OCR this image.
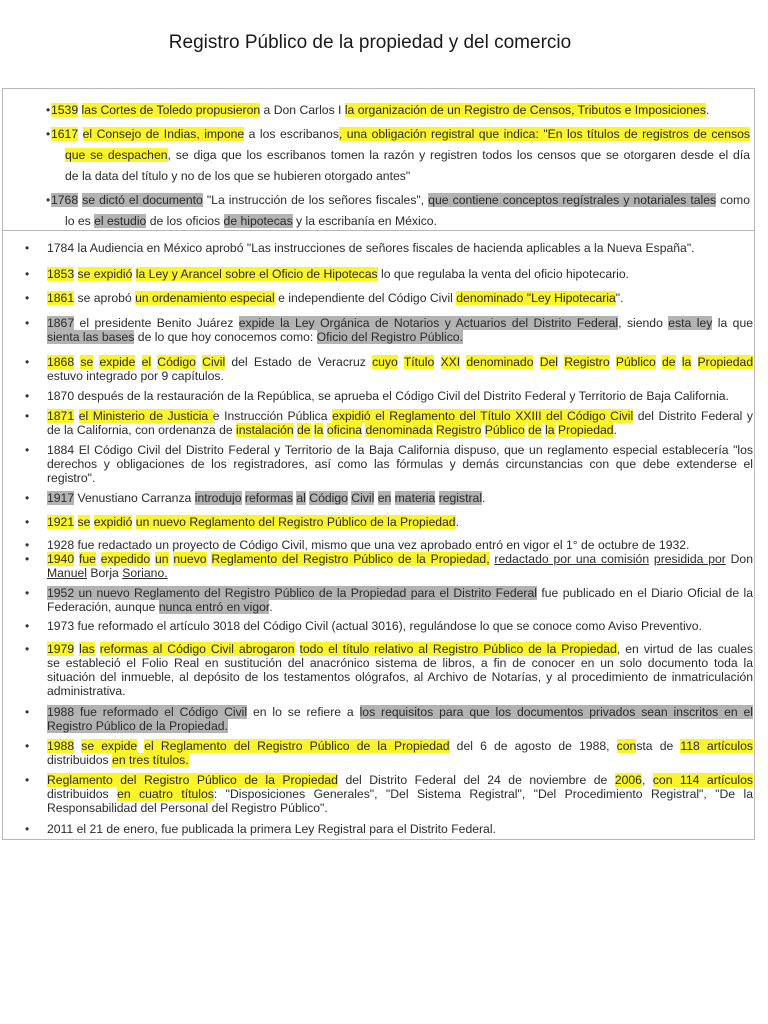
Registro Público de la propiedad y del comercio
• 1539 las Cortes de Toledo propusieron a Don Carlos I la organización de un Registro de Censos, Tributos e Imposiciones.
• 1617 el Consejo de Indias, impone a los escribanos, una obligación registral que indica: "En los títulos de registros de censos
que se despachen, se diga que los escribanos tomen la razón y registren todos los censos que se otorgaren desde el día
de la data del título y no de los que se hubieren otorgado antes"
• 1768 se dictó el documento "La instrucción de los señores fiscales", que contiene conceptos regístrales y notariales tales como
lo es el estudio de los oficios de hipotecas y la escribanía en México.
• 1784 la Audiencia en México aprobó "Las instrucciones de señores fiscales de hacienda aplicables a la Nueva España".
• 1853 se expidió la Ley y Arancel sobre el Oficio de Hipotecas lo que regulaba la venta del oficio hipotecario.
• 1861 se aprobó un ordenamiento especial e independiente del Código Civil denominado "Ley Hipotecaria".
• 1867 el presidente Benito Juárez expide la Ley Orgánica de Notarios y Actuarios del Distrito Federal, siendo esta ley la que
sienta las bases de lo que hoy conocemos como: Oficio del Registro Público.
• 1868 se expide el Código Civil del Estado de Veracruz cuyo Título XXI denominado Del Registro Público de la Propiedad
estuvo integrado por 9 capítulos.
• 1870 después de la restauración de la República, se aprueba el Código Civil del Distrito Federal y Territorio de Baja California.
• 1871 el Ministerio de Justicia e Instrucción Pública expidió el Reglamento del Título XXIII del Código Civil del Distrito Federal y
de la California, con ordenanza de instalación de la oficina denominada Registro Público de la Propiedad.
• 1884 El Código Civil del Distrito Federal y Territorio de la Baja California dispuso, que un reglamento especial establecería "los
derechos y obligaciones de los registradores, así como las fórmulas y demás circunstancias con que debe extenderse el
registro".
• 1917 Venustiano Carranza introdujo reformas al Código Civil en materia registral.
• 1921 se expidió un nuevo Reglamento del Registro Público de la Propiedad.
• 1928 fue redactado un proyecto de Código Civil, mismo que una vez aprobado entró en vigor el 1° de octubre de 1932.
• 1940 fue expedido un nuevo Reglamento del Registro Público de la Propiedad, redactado por una comisión presidida por Don
Manuel Borja Soriano.
• 1952 un nuevo Reglamento del Registro Público de la Propiedad para el Distrito Federal fue publicado en el Diario Oficial de la
Federación, aunque nunca entró en vigor.
• 1973 fue reformado el artículo 3018 del Código Civil (actual 3016), regulándose lo que se conoce como Aviso Preventivo.
• 1979 las reformas al Código Civil abrogaron todo el título relativo al Registro Público de la Propiedad, en virtud de las cuales
se estableció el Folio Real en sustitución del anacrónico sistema de libros, a fin de conocer en un solo documento toda la
situación del inmueble, al depósito de los testamentos ológrafos, al Archivo de Notarías, y al procedimiento de inmatriculación
administrativa.
• 1988 fue reformado el Código Civil en lo se refiere a los requisitos para que los documentos privados sean inscritos en el
Registro Público de la Propiedad.
• 1988 se expide el Reglamento del Registro Público de la Propiedad del 6 de agosto de 1988, consta de 118 artículos
distribuidos en tres títulos.
• Reglamento del Registro Público de la Propiedad del Distrito Federal del 24 de noviembre de 2006, con 114 artículos
distribuidos en cuatro títulos: "Disposiciones Generales", "Del Sistema Registral", "Del Procedimiento Registral", "De la
Responsabilidad del Personal del Registro Público".
• 2011 el 21 de enero, fue publicada la primera Ley Registral para el Distrito Federal.
